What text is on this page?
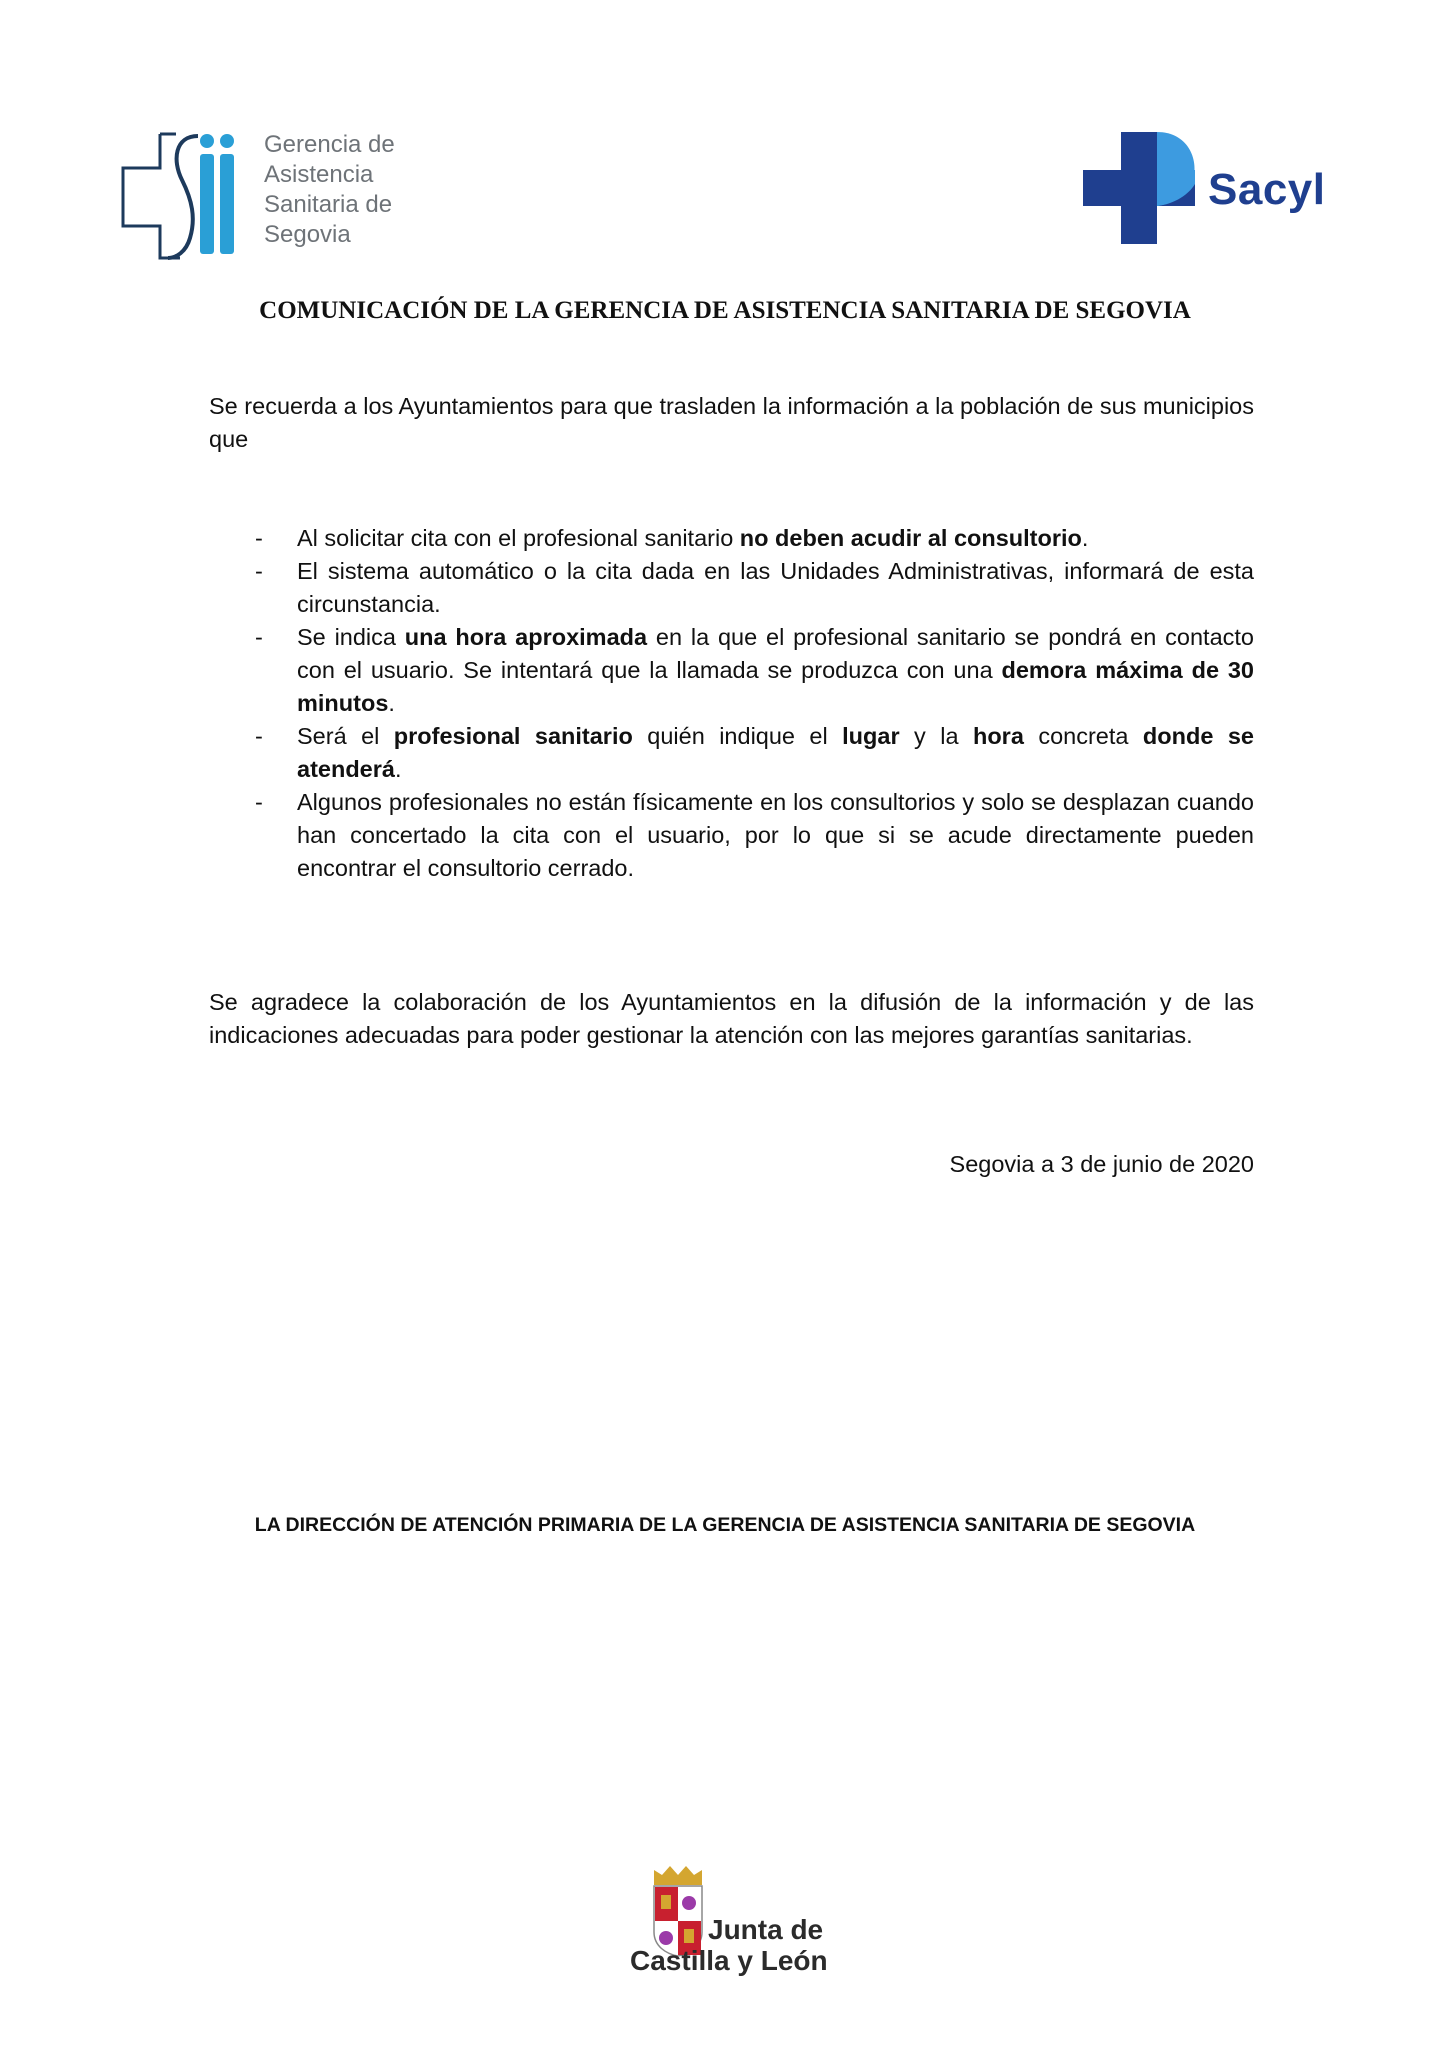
Gerencia de
Asistencia
Sanitaria de
Segovia
Sacyl
COMUNICACIÓN DE LA GERENCIA DE ASISTENCIA SANITARIA DE SEGOVIA
Se recuerda a los Ayuntamientos para que trasladen la información a la población de sus municipios que
- Al solicitar cita con el profesional sanitario no deben acudir al consultorio.
- El sistema automático o la cita dada en las Unidades Administrativas, informará de esta circunstancia.
- Se indica una hora aproximada en la que el profesional sanitario se pondrá en contacto con el usuario. Se intentará que la llamada se produzca con una demora máxima de 30 minutos.
- Será el profesional sanitario quién indique el lugar y la hora concreta donde se atenderá.
- Algunos profesionales no están físicamente en los consultorios y solo se desplazan cuando han concertado la cita con el usuario, por lo que si se acude directamente pueden encontrar el consultorio cerrado.
Se agradece la colaboración de los Ayuntamientos en la difusión de la información y de las indicaciones adecuadas para poder gestionar la atención con las mejores garantías sanitarias.
Segovia a 3 de junio de 2020
LA DIRECCIÓN DE ATENCIÓN PRIMARIA DE LA GERENCIA DE ASISTENCIA SANITARIA DE SEGOVIA
Junta de
Castilla y León
